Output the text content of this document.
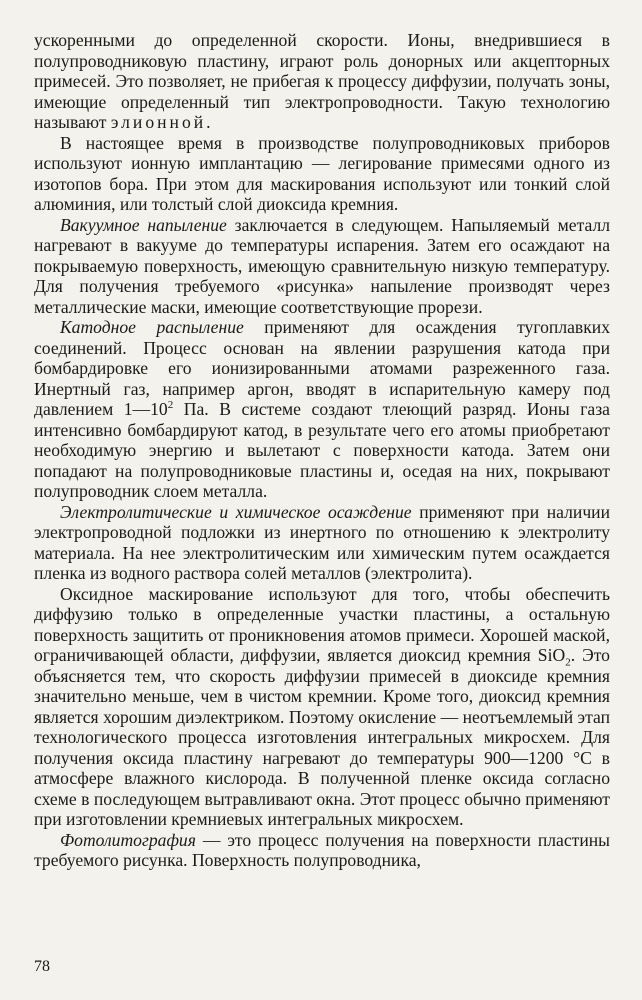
ускоренными до определенной скорости. Ионы, внедрившиеся в полупроводниковую пластину, играют роль донорных или акцепторных примесей. Это позволяет, не прибегая к процессу диффузии, получать зоны, имеющие определенный тип электропроводности. Такую технологию называют элионной.

В настоящее время в производстве полупроводниковых приборов используют ионную имплантацию — легирование примесями одного из изотопов бора. При этом для маскирования используют или тонкий слой алюминия, или толстый слой диоксида кремния.

Вакуумное напыление заключается в следующем. Напыляемый металл нагревают в вакууме до температуры испарения. Затем его осаждают на покрываемую поверхность, имеющую сравнительную низкую температуру. Для получения требуемого «рисунка» напыление производят через металлические маски, имеющие соответствующие прорези.

Катодное распыление применяют для осаждения тугоплавких соединений. Процесс основан на явлении разрушения катода при бомбардировке его ионизированными атомами разреженного газа. Инертный газ, например аргон, вводят в испарительную камеру под давлением $1—10^2$ Па. В системе создают тлеющий разряд. Ионы газа интенсивно бомбардируют катод, в результате чего его атомы приобретают необходимую энергию и вылетают с поверхности катода. Затем они попадают на полупроводниковые пластины и, оседая на них, покрывают полупроводник слоем металла.

Электролитические и химическое осаждение применяют при наличии электропроводной подложки из инертного по отношению к электролиту материала. На нее электролитическим или химическим путем осаждается пленка из водного раствора солей металлов (электролита).

Оксидное маскирование используют для того, чтобы обеспечить диффузию только в определенные участки пластины, а остальную поверхность защитить от проникновения атомов примеси. Хорошей маской, ограничивающей области, диффузии, является диоксид кремния SiO$_2$. Это объясняется тем, что скорость диффузии примесей в диоксиде кремния значительно меньше, чем в чистом кремнии. Кроме того, диоксид кремния является хорошим диэлектриком. Поэтому окисление — неотъемлемый этап технологического процесса изготовления интегральных микросхем. Для получения оксида пластину нагревают до температуры 900—1200 °С в атмосфере влажного кислорода. В полученной пленке оксида согласно схеме в последующем вытравливают окна. Этот процесс обычно применяют при изготовлении кремниевых интегральных микросхем.

Фотолитография — это процесс получения на поверхности пластины требуемого рисунка. Поверхность полупроводника,

78
